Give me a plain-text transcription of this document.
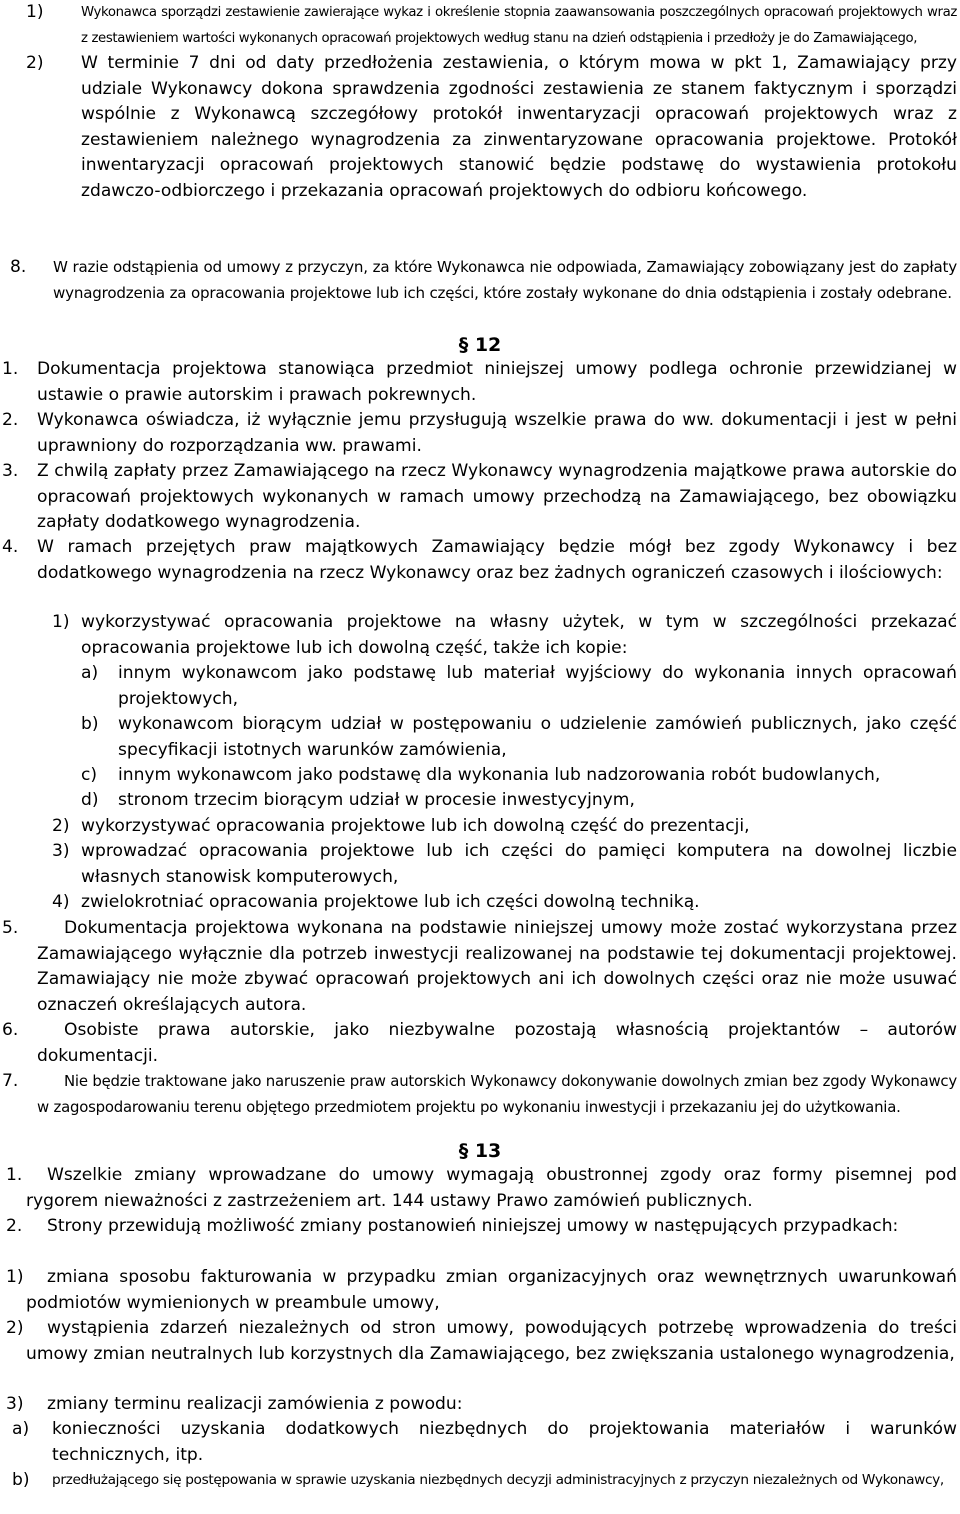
1)	Wykonawca sporządzi zestawienie zawierające wykaz i określenie stopnia zaawansowania poszczególnych opracowań projektowych wraz z zestawieniem wartości wykonanych opracowań projektowych według stanu na dzień odstąpienia i przedłoży je do Zamawiającego,

2) W terminie 7 dni od daty przedłożenia zestawienia, o którym mowa w pkt 1, Zamawiający przy udziale Wykonawcy dokona sprawdzenia zgodności zestawienia ze stanem faktycznym i sporządzi wspólnie z Wykonawcą szczegółowy protokół inwentaryzacji opracowań projektowych wraz z zestawieniem należnego wynagrodzenia za zinwentaryzowane opracowania projektowe. Protokół inwentaryzacji opracowań projektowych stanowić będzie podstawę do wystawienia protokołu zdawczo-odbiorczego i przekazania opracowań projektowych do odbioru końcowego.

8. W razie odstąpienia od umowy z przyczyn, za które Wykonawca nie odpowiada, Zamawiający zobowiązany jest do zapłaty wynagrodzenia za opracowania projektowe lub ich części, które zostały wykonane do dnia odstąpienia i zostały odebrane.

§ 12
1. Dokumentacja projektowa stanowiąca przedmiot niniejszej umowy podlega ochronie przewidzianej w ustawie o prawie autorskim i prawach pokrewnych.

2. Wykonawca oświadcza, iż wyłącznie jemu przysługują wszelkie prawa do ww. dokumentacji i jest w pełni uprawniony do rozporządzania ww. prawami.

3. Z chwilą zapłaty przez Zamawiającego na rzecz Wykonawcy wynagrodzenia majątkowe prawa autorskie do opracowań projektowych wykonanych w ramach umowy przechodzą na Zamawiającego, bez obowiązku zapłaty dodatkowego wynagrodzenia.

4. W ramach przejętych praw majątkowych Zamawiający będzie mógł bez zgody Wykonawcy i bez dodatkowego wynagrodzenia na rzecz Wykonawcy oraz bez żadnych ograniczeń czasowych i ilościowych:

1) wykorzystywać opracowania projektowe na własny użytek, w tym w szczególności przekazać opracowania projektowe lub ich dowolną część, także ich kopie:

a) innym wykonawcom jako podstawę lub materiał wyjściowy do wykonania innych opracowań projektowych,

b) wykonawcom biorącym udział w postępowaniu o udzielenie zamówień publicznych, jako część specyfikacji istotnych warunków zamówienia,

c) innym wykonawcom jako podstawę dla wykonania lub nadzorowania robót budowlanych,

d) stronom trzecim biorącym udział w procesie inwestycyjnym,

2) wykorzystywać opracowania projektowe lub ich dowolną część do prezentacji,

3) wprowadzać opracowania projektowe lub ich części do pamięci komputera na dowolnej liczbie własnych stanowisk komputerowych,

4) zwielokrotniać opracowania projektowe lub ich części dowolną techniką.

5.	Dokumentacja projektowa wykonana na podstawie niniejszej umowy może zostać wykorzystana przez Zamawiającego wyłącznie dla potrzeb inwestycji realizowanej na podstawie tej dokumentacji projektowej. Zamawiający nie może zbywać opracowań projektowych ani ich dowolnych części oraz nie może usuwać oznaczeń określających autora.

6.	Osobiste prawa autorskie, jako niezbywalne pozostają własnością projektantów – autorów dokumentacji.

7.	Nie będzie traktowane jako naruszenie praw autorskich Wykonawcy dokonywanie dowolnych zmian bez zgody Wykonawcy w zagospodarowaniu terenu objętego przedmiotem projektu po wykonaniu inwestycji i przekazaniu jej do użytkowania.

§ 13
1.	Wszelkie zmiany wprowadzane do umowy wymagają obustronnej zgody oraz formy pisemnej pod rygorem nieważności z zastrzeżeniem art. 144 ustawy Prawo zamówień publicznych.

2.	Strony przewidują możliwość zmiany postanowień niniejszej umowy w następujących przypadkach:

1)	zmiana sposobu fakturowania w przypadku zmian organizacyjnych oraz wewnętrznych uwarunkowań podmiotów wymienionych w preambule umowy,

2)	wystąpienia zdarzeń niezależnych od stron umowy, powodujących potrzebę wprowadzenia do treści umowy zmian neutralnych lub korzystnych dla Zamawiającego, bez zwiększania ustalonego wynagrodzenia,

3)	zmiany terminu realizacji zamówienia z powodu:

a) konieczności uzyskania dodatkowych niezbędnych do projektowania materiałów i warunków technicznych, itp.

b) przedłużającego się postępowania w sprawie uzyskania niezbędnych decyzji administracyjnych z przyczyn niezależnych od Wykonawcy,
